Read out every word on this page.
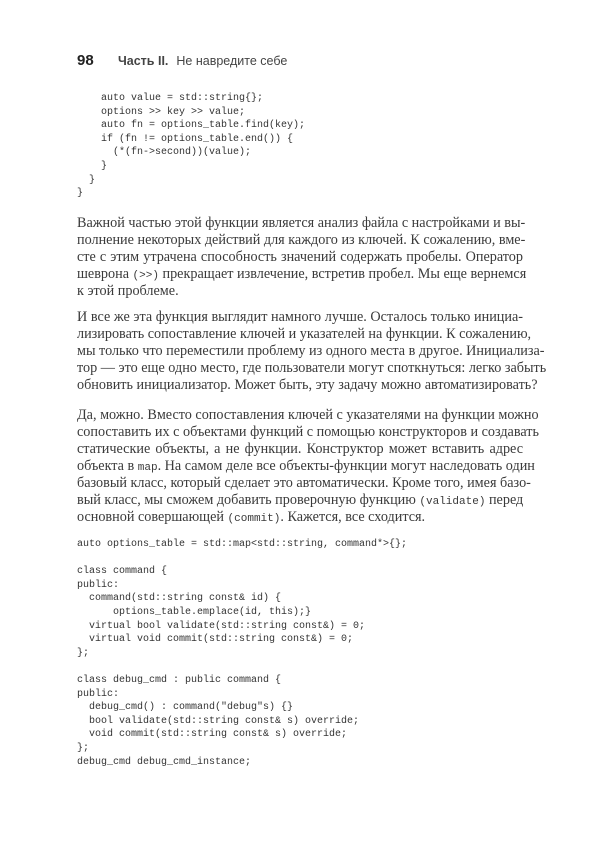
98 Часть II. Не навредите себе
auto value = std::string{};
options >> key >> value;
auto fn = options_table.find(key);
if (fn != options_table.end()) {
(*(fn->second))(value);
}
}
}
Важной частью этой функции является анализ файла с настройками и вы-
полнение некоторых действий для каждого из ключей. К сожалению, вме-
сте с этим утрачена способность значений содержать пробелы. Оператор
шеврона (>>) прекращает извлечение, встретив пробел. Мы еще вернемся
к этой проблеме.
И все же эта функция выглядит намного лучше. Осталось только инициа-
лизировать сопоставление ключей и указателей на функции. К сожалению,
мы только что переместили проблему из одного места в другое. Инициализа-
тор — это еще одно место, где пользователи могут споткнуться: легко забыть
обновить инициализатор. Может быть, эту задачу можно автоматизировать?
Да, можно. Вместо сопоставления ключей с указателями на функции можно
сопоставить их с объектами функций с помощью конструкторов и создавать
статические объекты, а не функции. Конструктор может вставить адрес
объекта в map. На самом деле все объекты-функции могут наследовать один
базовый класс, который сделает это автоматически. Кроме того, имея базо-
вый класс, мы сможем добавить проверочную функцию (validate) перед
основной совершающей (commit). Кажется, все сходится.
auto options_table = std::map<std::string, command*>{};

class command {
public:
command(std::string const& id) {
options_table.emplace(id, this);}
virtual bool validate(std::string const&) = 0;
virtual void commit(std::string const&) = 0;
};

class debug_cmd : public command {
public:
debug_cmd() : command("debug"s) {}
bool validate(std::string const& s) override;
void commit(std::string const& s) override;
};
debug_cmd debug_cmd_instance;
